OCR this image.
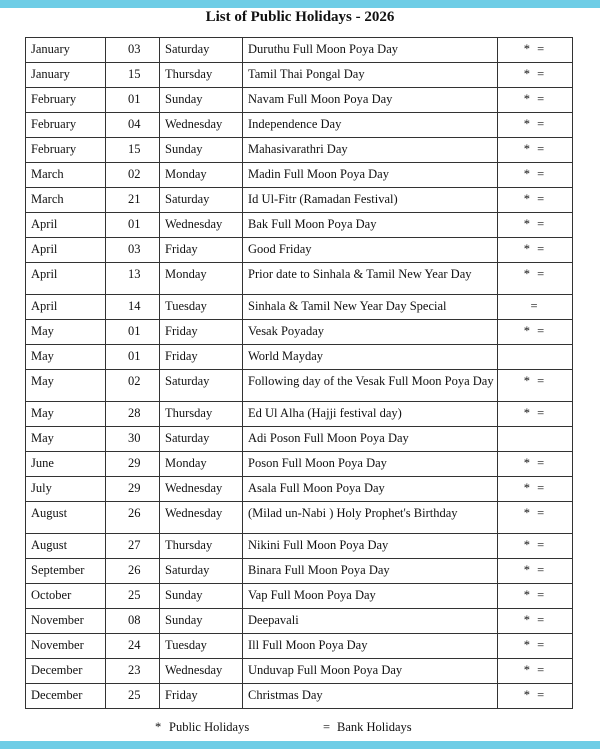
List of Public Holidays - 2026
January	03	Saturday	Duruthu Full Moon Poya Day	* =
January	15	Thursday	Tamil Thai Pongal Day	* =
February	01	Sunday	Navam Full Moon Poya Day	* =
February	04	Wednesday	Independence Day	* =
February	15	Sunday	Mahasivarathri Day	* =
March	02	Monday	Madin Full Moon Poya Day	* =
March	21	Saturday	Id Ul-Fitr (Ramadan Festival)	* =
April	01	Wednesday	Bak Full Moon Poya Day	* =
April	03	Friday	Good Friday	* =
April	13	Monday	Prior date to Sinhala & Tamil New Year Day	* =
April	14	Tuesday	Sinhala & Tamil New Year Day Special	=
May	01	Friday	Vesak Poyaday	* =
May	01	Friday	World Mayday	
May	02	Saturday	Following day of the Vesak Full Moon Poya Day	* =
May	28	Thursday	Ed Ul Alha (Hajji festival day)	* =
May	30	Saturday	Adi Poson Full Moon Poya Day	
June	29	Monday	Poson Full Moon Poya Day	* =
July	29	Wednesday	Asala Full Moon Poya Day	* =
August	26	Wednesday	(Milad un-Nabi ) Holy Prophet's Birthday	* =
August	27	Thursday	Nikini Full Moon Poya Day	* =
September	26	Saturday	Binara Full Moon Poya Day	* =
October	25	Sunday	Vap Full Moon Poya Day	* =
November	08	Sunday	Deepavali	* =
November	24	Tuesday	Ill Full Moon Poya Day	* =
December	23	Wednesday	Unduvap Full Moon Poya Day	* =
December	25	Friday	Christmas Day	* =
* Public Holidays	= Bank Holidays
